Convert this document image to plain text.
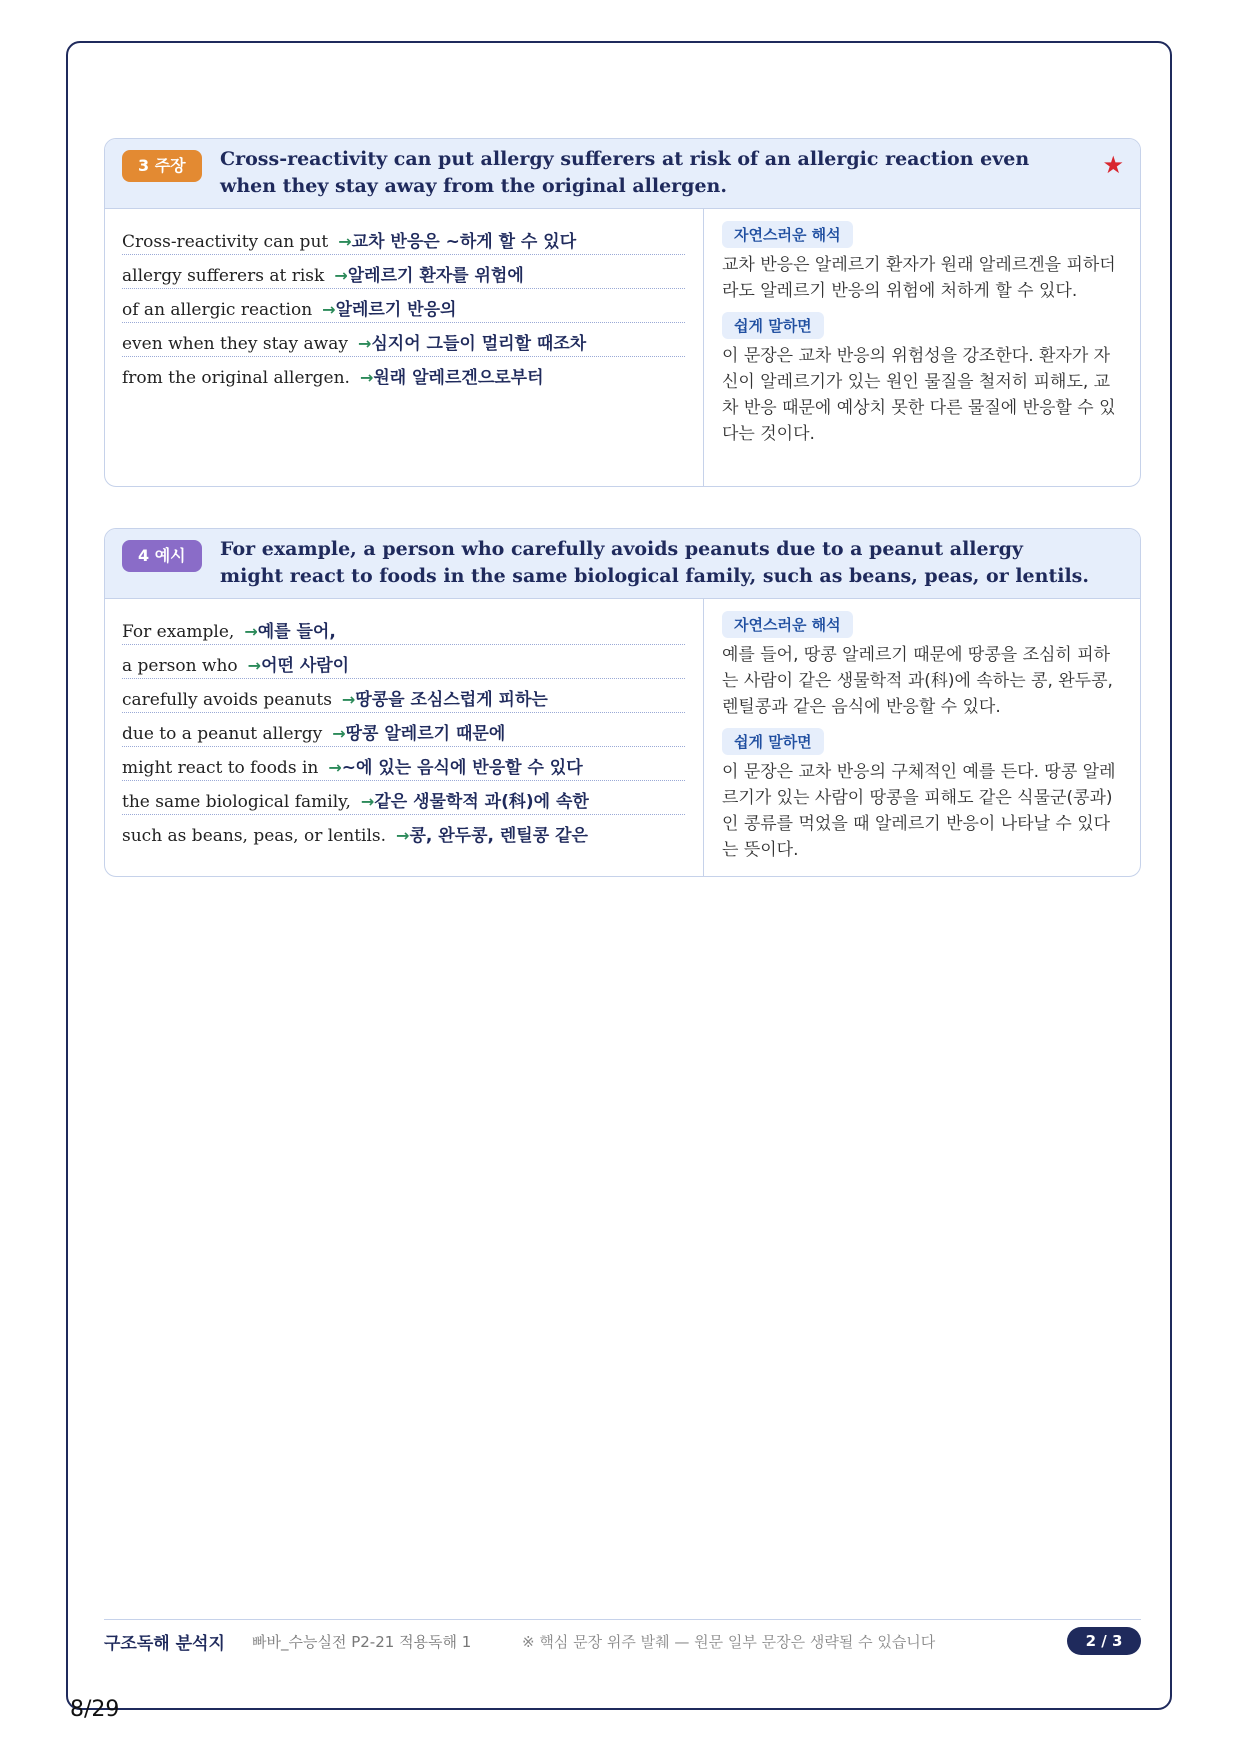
3 주장	Cross-reactivity can put allergy sufferers at risk of an allergic reaction even when they stay away from the original allergen.
★
Cross-reactivity can put →교차 반응은 ~하게 할 수 있다
allergy sufferers at risk →알레르기 환자를 위험에
of an allergic reaction →알레르기 반응의
even when they stay away →심지어 그들이 멀리할 때조차
from the original allergen. →원래 알레르겐으로부터
자연스러운 해석
교차 반응은 알레르기 환자가 원래 알레르겐을 피하더라도 알레르기 반응의 위험에 처하게 할 수 있다.
쉽게 말하면
이 문장은 교차 반응의 위험성을 강조한다. 환자가 자신이 알레르기가 있는 원인 물질을 철저히 피해도, 교차 반응 때문에 예상치 못한 다른 물질에 반응할 수 있다는 것이다.
4 예시	For example, a person who carefully avoids peanuts due to a peanut allergy might react to foods in the same biological family, such as beans, peas, or lentils.
For example, →예를 들어,
a person who →어떤 사람이
carefully avoids peanuts →땅콩을 조심스럽게 피하는
due to a peanut allergy →땅콩 알레르기 때문에
might react to foods in →~에 있는 음식에 반응할 수 있다
the same biological family, →같은 생물학적 과(科)에 속한
such as beans, peas, or lentils. →콩, 완두콩, 렌틸콩 같은
자연스러운 해석
예를 들어, 땅콩 알레르기 때문에 땅콩을 조심히 피하는 사람이 같은 생물학적 과(科)에 속하는 콩, 완두콩, 렌틸콩과 같은 음식에 반응할 수 있다.
쉽게 말하면
이 문장은 교차 반응의 구체적인 예를 든다. 땅콩 알레르기가 있는 사람이 땅콩을 피해도 같은 식물군(콩과)인 콩류를 먹었을 때 알레르기 반응이 나타날 수 있다는 뜻이다.
구조독해 분석지 빠바_수능실전 P2-21 적용독해 1	※ 핵심 문장 위주 발췌 — 원문 일부 문장은 생략될 수 있습니다	2 / 3
8/29
